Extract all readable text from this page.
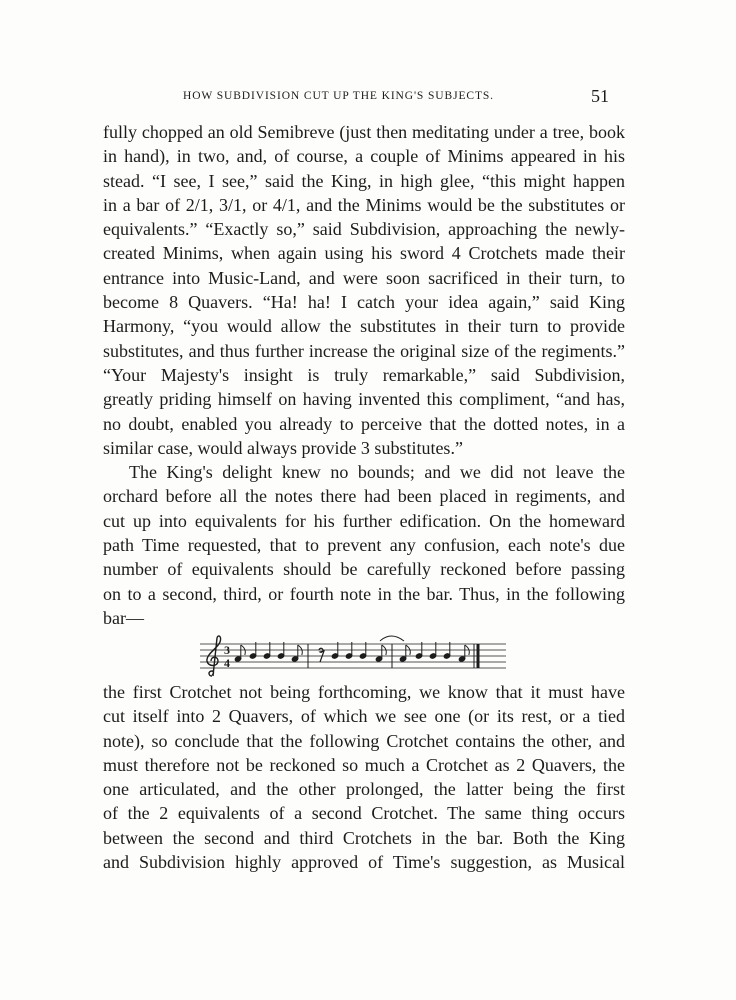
HOW SUBDIVISION CUT UP THE KING'S SUBJECTS.	51

fully chopped an old Semibreve (just then meditating under a tree, book
in hand), in two, and, of course, a couple of Minims appeared in his
stead. “I see, I see,” said the King, in high glee, “this might happen
in a bar of 2/1, 3/1, or 4/1, and the Minims would be the substitutes or
equivalents.” “Exactly so,” said Subdivision, approaching the newly-
created Minims, when again using his sword 4 Crotchets made their
entrance into Music-Land, and were soon sacrificed in their turn, to
become 8 Quavers. “Ha! ha! I catch your idea again,” said King
Harmony, “you would allow the substitutes in their turn to provide
substitutes, and thus further increase the original size of the regiments.”
“Your Majesty's insight is truly remarkable,” said Subdivision,
greatly priding himself on having invented this compliment, “and has,
no doubt, enabled you already to perceive that the dotted notes, in a
similar case, would always provide 3 substitutes.”

The King's delight knew no bounds; and we did not leave the
orchard before all the notes there had been placed in regiments, and
cut up into equivalents for his further edification. On the homeward
path Time requested, that to prevent any confusion, each note's due
number of equivalents should be carefully reckoned before passing
on to a second, third, or fourth note in the bar. Thus, in the following
bar—

3
4

the first Crotchet not being forthcoming, we know that it must have
cut itself into 2 Quavers, of which we see one (or its rest, or a tied
note), so conclude that the following Crotchet contains the other, and
must therefore not be reckoned so much a Crotchet as 2 Quavers, the
one articulated, and the other prolonged, the latter being the first
of the 2 equivalents of a second Crotchet. The same thing occurs
between the second and third Crotchets in the bar. Both the King
and Subdivision highly approved of Time's suggestion, as Musical
